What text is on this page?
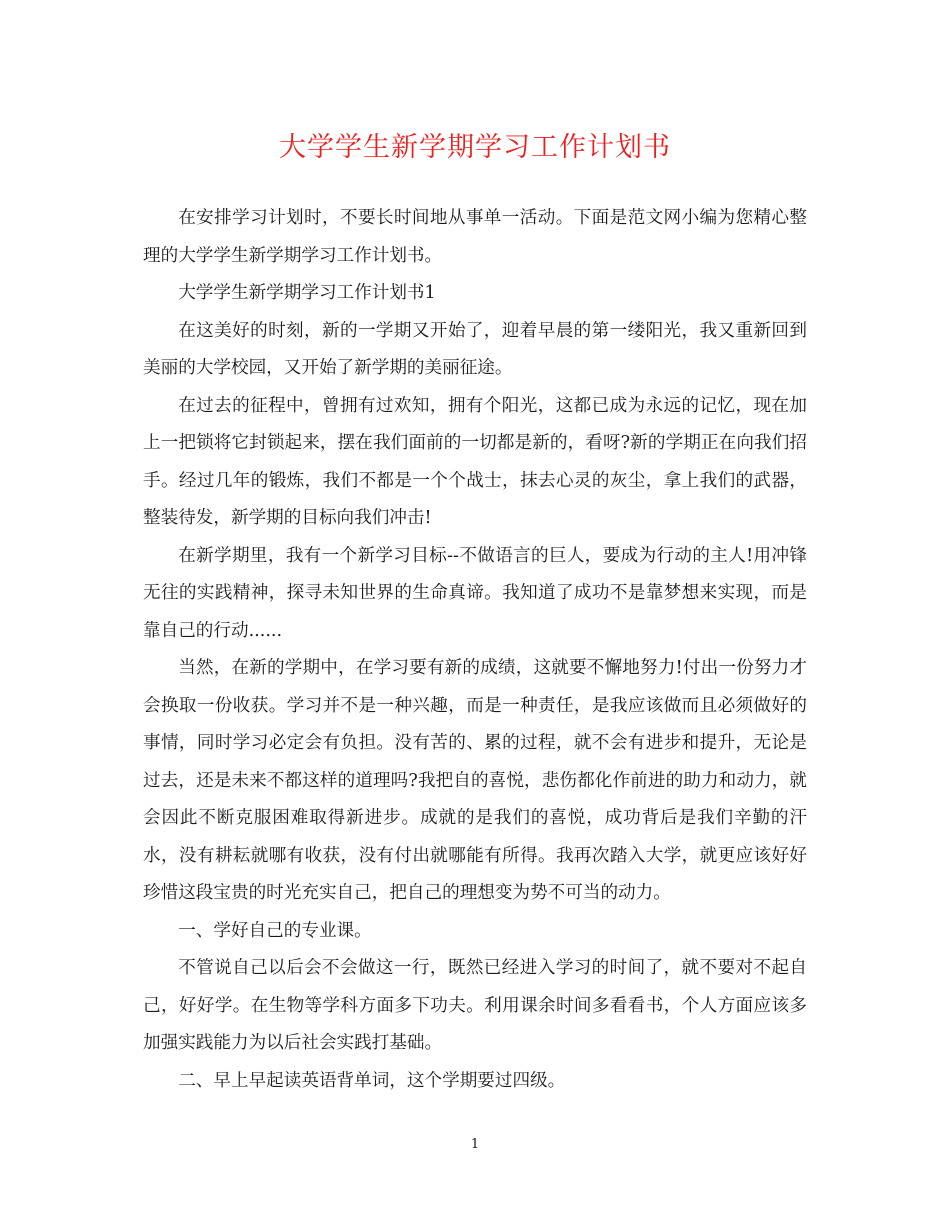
大学学生新学期学习工作计划书

在安排学习计划时，不要长时间地从事单一活动。下面是范文网小编为您精心整理的大学学生新学期学习工作计划书。

大学学生新学期学习工作计划书1

在这美好的时刻，新的一学期又开始了，迎着早晨的第一缕阳光，我又重新回到美丽的大学校园，又开始了新学期的美丽征途。

在过去的征程中，曾拥有过欢知，拥有个阳光，这都已成为永远的记忆，现在加上一把锁将它封锁起来，摆在我们面前的一切都是新的，看呀?新的学期正在向我们招手。经过几年的锻炼，我们不都是一个个战士，抹去心灵的灰尘，拿上我们的武器，整装待发，新学期的目标向我们冲击!

在新学期里，我有一个新学习目标--不做语言的巨人，要成为行动的主人!用冲锋无往的实践精神，探寻未知世界的生命真谛。我知道了成功不是靠梦想来实现，而是靠自己的行动......

当然，在新的学期中，在学习要有新的成绩，这就要不懈地努力!付出一份努力才会换取一份收获。学习并不是一种兴趣，而是一种责任，是我应该做而且必须做好的事情，同时学习必定会有负担。没有苦的、累的过程，就不会有进步和提升，无论是过去，还是未来不都这样的道理吗?我把自的喜悦，悲伤都化作前进的助力和动力，就会因此不断克服困难取得新进步。成就的是我们的喜悦，成功背后是我们辛勤的汗水，没有耕耘就哪有收获，没有付出就哪能有所得。我再次踏入大学，就更应该好好珍惜这段宝贵的时光充实自己，把自己的理想变为势不可当的动力。

一、学好自己的专业课。

不管说自己以后会不会做这一行，既然已经进入学习的时间了，就不要对不起自己，好好学。在生物等学科方面多下功夫。利用课余时间多看看书，个人方面应该多加强实践能力为以后社会实践打基础。

二、早上早起读英语背单词，这个学期要过四级。

1
